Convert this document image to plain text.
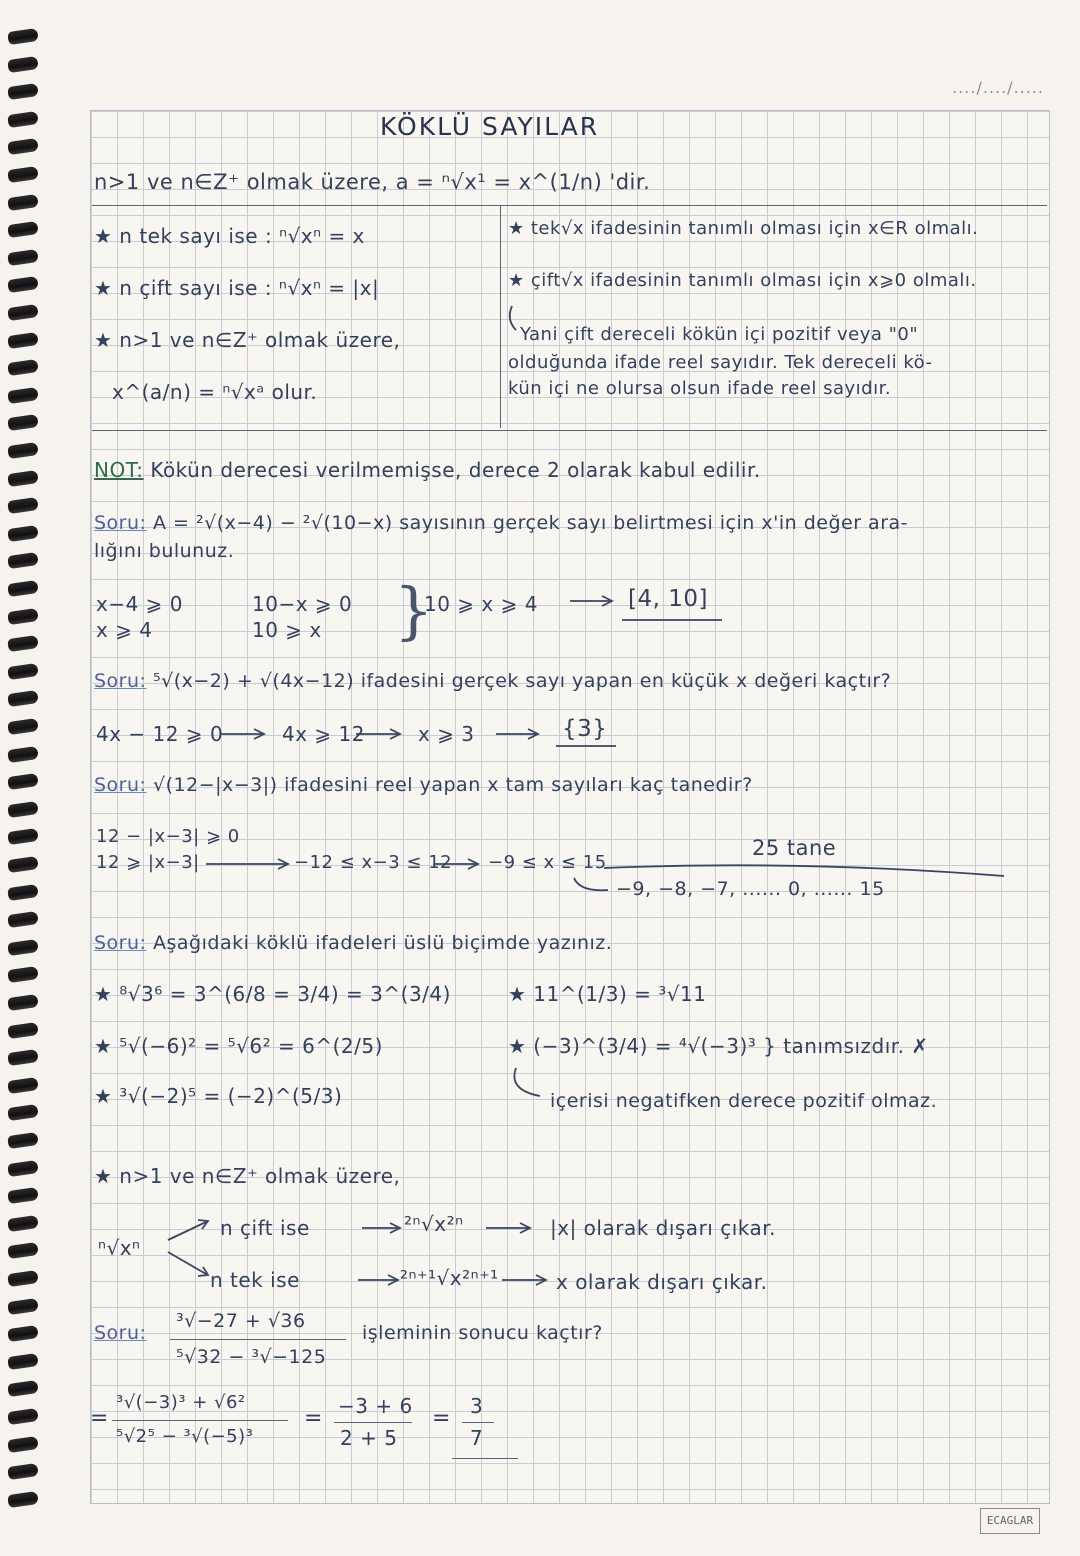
..../..../.....
KÖKLÜ SAYILAR
n>1 ve n∈Z⁺ olmak üzere, a = ⁿ√x¹ = x^(1/n) 'dir.
★ n tek sayı ise : ⁿ√xⁿ = x
★ n çift sayı ise : ⁿ√xⁿ = |x|
★ n>1 ve n∈Z⁺ olmak üzere,
x^(a/n) = ⁿ√xᵃ olur.
★ tek√x ifadesinin tanımlı olması için x∈R olmalı.
★ çift√x ifadesinin tanımlı olması için x⩾0 olmalı.
Yani çift dereceli kökün içi pozitif veya "0"
olduğunda ifade reel sayıdır. Tek dereceli kö-
kün içi ne olursa olsun ifade reel sayıdır.
NOT: Kökün derecesi verilmemişse, derece 2 olarak kabul edilir.
Soru: A = ²√(x−4) − ²√(10−x) sayısının gerçek sayı belirtmesi için x'in değer ara-
lığını bulunuz.
x−4 ⩾ 0
x ⩾ 4
10−x ⩾ 0
10 ⩾ x }
10 ⩾ x ⩾ 4	[4, 10]
Soru: ⁵√(x−2) + √(4x−12) ifadesini gerçek sayı yapan en küçük x değeri kaçtır?
4x − 12 ⩾ 0	4x ⩾ 12	x ⩾ 3	{3}
Soru: √(12−|x−3|) ifadesini reel yapan x tam sayıları kaç tanedir?
12 − |x−3| ⩾ 0
12 ⩾ |x−3|	−12 ≤ x−3 ≤ 12 −9 ≤ x ≤ 15
25 tane
−9, −8, −7, ...... 0, ...... 15
Soru: Aşağıdaki köklü ifadeleri üslü biçimde yazınız.
★ ⁸√3⁶ = 3^(6/8 = 3/4) = 3^(3/4)
★ ⁵√(−6)² = ⁵√6² = 6^(2/5)
★ ³√(−2)⁵ = (−2)^(5/3)
★ 11^(1/3) = ³√11
★ (−3)^(3/4) = ⁴√(−3)³ } tanımsızdır. ✗
içerisi negatifken derece pozitif olmaz.
★ n>1 ve n∈Z⁺ olmak üzere,
ⁿ√xⁿ
n çift ise	²ⁿ√x²ⁿ	|x| olarak dışarı çıkar.
n tek ise	²ⁿ⁺¹√x²ⁿ⁺¹	x olarak dışarı çıkar.
Soru:
³√−27 + √36
⁵√32 − ³√−125
işleminin sonucu kaçtır?
=
³√(−3)³ + √6²
⁵√2⁵ − ³√(−5)³
= −3 + 6
2 + 5
= 3
7
ECAGLAR
